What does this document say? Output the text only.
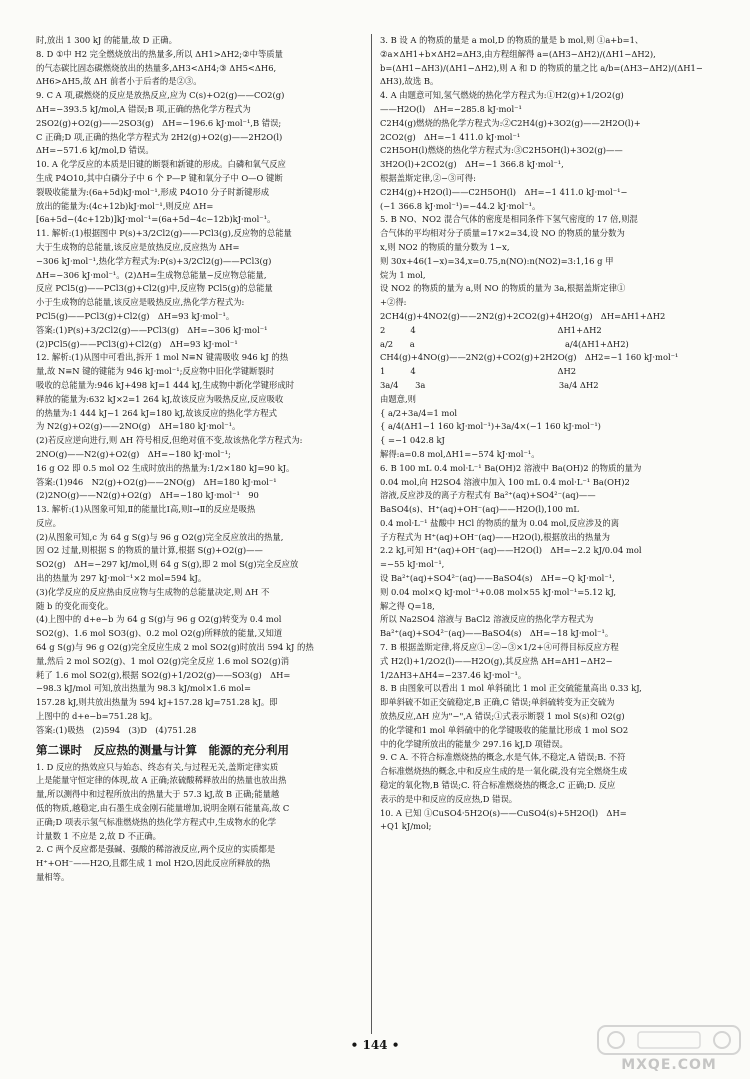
时,放出 1 300 kJ 的能量,故 D 正确。
8. D ①中 H2 完全燃烧放出的热量多,所以 ΔH1>ΔH2;②中等质量
的气态碳比固态碳燃烧放出的热量多,ΔH3<ΔH4;③ ΔH5<ΔH6,
ΔH6>ΔH5,故 ΔH 前者小于后者的是②③。
9. C A 项,碳燃烧的反应是放热反应,应为 C(s)+O2(g)——CO2(g)
ΔH=−393.5 kJ/mol,A 错误;B 项,正确的热化学方程式为
2SO2(g)+O2(g)——2SO3(g)　ΔH=−196.6 kJ·mol⁻¹,B 错误;
C 正确;D 项,正确的热化学方程式为 2H2(g)+O2(g)——2H2O(l)
ΔH=−571.6 kJ/mol,D 错误。
10. A 化学反应的本质是旧键的断裂和新键的形成。白磷和氧气反应
生成 P4O10,其中白磷分子中 6 个 P—P 键和氧分子中 O—O 键断
裂吸收能量为:(6a+5d)kJ·mol⁻¹,形成 P4O10 分子时新键形成
放出的能量为:(4c+12b)kJ·mol⁻¹,则反应 ΔH=
[6a+5d−(4c+12b)]kJ·mol⁻¹=(6a+5d−4c−12b)kJ·mol⁻¹。
11. 解析:(1)根据图中 P(s)+3/2Cl2(g)——PCl3(g),反应物的总能量
大于生成物的总能量,该反应是放热反应,反应热为 ΔH=
−306 kJ·mol⁻¹,热化学方程式为:P(s)+3/2Cl2(g)——PCl3(g)
ΔH=−306 kJ·mol⁻¹。(2)ΔH=生成物总能量−反应物总能量,
反应 PCl5(g)——PCl3(g)+Cl2(g)中,反应物 PCl5(g)的总能量
小于生成物的总能量,该反应是吸热反应,热化学方程式为:
PCl5(g)——PCl3(g)+Cl2(g)　ΔH=93 kJ·mol⁻¹。
答案:(1)P(s)+3/2Cl2(g)——PCl3(g)　ΔH=−306 kJ·mol⁻¹
(2)PCl5(g)——PCl3(g)+Cl2(g)　ΔH=93 kJ·mol⁻¹
12. 解析:(1)从图中可看出,拆开 1 mol N≡N 键需吸收 946 kJ 的热
量,故 N≡N 键的键能为 946 kJ·mol⁻¹;反应物中旧化学键断裂时
吸收的总能量为:946 kJ+498 kJ=1 444 kJ,生成物中新化学键形成时
释放的能量为:632 kJ×2=1 264 kJ,故该反应为吸热反应,反应吸收
的热量为:1 444 kJ−1 264 kJ=180 kJ,故该反应的热化学方程式
为 N2(g)+O2(g)——2NO(g)　ΔH=180 kJ·mol⁻¹。
(2)若反应逆向进行,则 ΔH 符号相反,但绝对值不变,故该热化学方程式为:
2NO(g)——N2(g)+O2(g)　ΔH=−180 kJ·mol⁻¹;
16 g O2 即 0.5 mol O2 生成时放出的热量为:1/2×180 kJ=90 kJ。
答案:(1)946　N2(g)+O2(g)——2NO(g)　ΔH=180 kJ·mol⁻¹
(2)2NO(g)——N2(g)+O2(g)　ΔH=−180 kJ·mol⁻¹　90
13. 解析:(1)从图象可知,Ⅱ的能量比Ⅰ高,则Ⅰ→Ⅱ的反应是吸热
反应。
(2)从图象可知,c 为 64 g S(g)与 96 g O2(g)完全反应放出的热量,
因 O2 过量,则根据 S 的物质的量计算,根据 S(g)+O2(g)——
SO2(g)　ΔH=−297 kJ/mol,则 64 g S(g),即 2 mol S(g)完全反应放
出的热量为 297 kJ·mol⁻¹×2 mol=594 kJ。
(3)化学反应的反应热由反应物与生成物的总能量决定,则 ΔH 不
随 b 的变化而变化。
(4)上图中的 d+e−b 为 64 g S(g)与 96 g O2(g)转变为 0.4 mol
SO2(g)、1.6 mol SO3(g)、0.2 mol O2(g)所释放的能量,又知道
64 g S(g)与 96 g O2(g)完全反应生成 2 mol SO2(g)时放出 594 kJ 的热
量,然后 2 mol SO2(g)、1 mol O2(g)完全反应 1.6 mol SO2(g)消
耗了 1.6 mol SO2(g),根据 SO2(g)+1/2O2(g)——SO3(g)　ΔH=
−98.3 kJ/mol 可知,放出热量为 98.3 kJ/mol×1.6 mol=
157.28 kJ,则共放出热量为 594 kJ+157.28 kJ=751.28 kJ。即
上图中的 d+e−b=751.28 kJ。
答案:(1)吸热　(2)594　(3)D　(4)751.28
第二课时　反应热的测量与计算　能源的充分利用
1. D 反应的热效应只与始态、终态有关,与过程无关,盖斯定律实质
上是能量守恒定律的体现,故 A 正确;浓硫酸稀释放出的热量也放出热
量,所以测得中和过程所放出的热量大于 57.3 kJ,故 B 正确;能量越
低的物质,越稳定,由石墨生成金刚石能量增加,说明金刚石能量高,故 C
正确;D 项表示氢气标准燃烧热的热化学方程式中,生成物水的化学
计量数 1 不应是 2,故 D 不正确。
2. C 两个反应都是强碱、强酸的稀溶液反应,两个反应的实质都是
H⁺+OH⁻——H2O,且都生成 1 mol H2O,因此反应所释放的热
量相等。
3. B 设 A 的物质的量是 a mol,D 的物质的量是 b mol,则 ①a+b=1、
②a×ΔH1+b×ΔH2=ΔH3,由方程组解得 a=(ΔH3−ΔH2)/(ΔH1−ΔH2),
b=(ΔH1−ΔH3)/(ΔH1−ΔH2),则 A 和 D 的物质的量之比 a/b=(ΔH3−ΔH2)/(ΔH1−
ΔH3),故选 B。
4. A 由题意可知,氢气燃烧的热化学方程式为:①H2(g)+1/2O2(g)
——H2O(l)　ΔH=−285.8 kJ·mol⁻¹
C2H4(g)燃烧的热化学方程式为:②C2H4(g)+3O2(g)——2H2O(l)+
2CO2(g)　ΔH=−1 411.0 kJ·mol⁻¹
C2H5OH(l)燃烧的热化学方程式为:③C2H5OH(l)+3O2(g)——
3H2O(l)+2CO2(g)　ΔH=−1 366.8 kJ·mol⁻¹,
根据盖斯定律,②−③可得:
C2H4(g)+H2O(l)——C2H5OH(l)　ΔH=−1 411.0 kJ·mol⁻¹−
(−1 366.8 kJ·mol⁻¹)=−44.2 kJ·mol⁻¹。
5. B NO、NO2 混合气体的密度是相同条件下氢气密度的 17 倍,则混
合气体的平均相对分子质量=17×2=34,设 NO 的物质的量分数为
x,则 NO2 的物质的量分数为 1−x,
则 30x+46(1−x)=34,x=0.75,n(NO):n(NO2)=3:1,16 g 甲
烷为 1 mol,
设 NO2 的物质的量为 a,则 NO 的物质的量为 3a,根据盖斯定律①
+②得:
2CH4(g)+4NO2(g)——2N2(g)+2CO2(g)+4H2O(g)　ΔH=ΔH1+ΔH2
2　　　4　　　　　　　　　　　　　　　　　ΔH1+ΔH2
a/2　　a　　　　　　　　　　　　　　　　　　a/4(ΔH1+ΔH2)
CH4(g)+4NO(g)——2N2(g)+CO2(g)+2H2O(g)　ΔH2=−1 160 kJ·mol⁻¹
1　　　4　　　　　　　　　　　　　　　　　ΔH2
3a/4　　3a　　　　　　　　　　　　　　　　3a/4 ΔH2
由题意,则
{ a/2+3a/4=1 mol
{ a/4(ΔH1−1 160 kJ·mol⁻¹)+3a/4×(−1 160 kJ·mol⁻¹)
{ =−1 042.8 kJ
解得:a=0.8 mol,ΔH1=−574 kJ·mol⁻¹。
6. B 100 mL 0.4 mol·L⁻¹ Ba(OH)2 溶液中 Ba(OH)2 的物质的量为
0.04 mol,向 H2SO4 溶液中加入 100 mL 0.4 mol·L⁻¹ Ba(OH)2
溶液,反应涉及的离子方程式有 Ba²⁺(aq)+SO4²⁻(aq)——
BaSO4(s)、H⁺(aq)+OH⁻(aq)——H2O(l),100 mL
0.4 mol·L⁻¹ 盐酸中 HCl 的物质的量为 0.04 mol,反应涉及的离
子方程式为 H⁺(aq)+OH⁻(aq)——H2O(l),根据放出的热量为
2.2 kJ,可知 H⁺(aq)+OH⁻(aq)——H2O(l)　ΔH=−2.2 kJ/0.04 mol
=−55 kJ·mol⁻¹,
设 Ba²⁺(aq)+SO4²⁻(aq)——BaSO4(s)　ΔH=−Q kJ·mol⁻¹,
则 0.04 mol×Q kJ·mol⁻¹+0.08 mol×55 kJ·mol⁻¹=5.12 kJ,
解之得 Q=18,
所以 Na2SO4 溶液与 BaCl2 溶液反应的热化学方程式为
Ba²⁺(aq)+SO4²⁻(aq)——BaSO4(s)　ΔH=−18 kJ·mol⁻¹。
7. B 根据盖斯定律,将反应①−②−③×1/2+④可得目标反应方程
式 H2(l)+1/2O2(l)——H2O(g),其反应热 ΔH=ΔH1−ΔH2−
1/2ΔH3+ΔH4=−237.46 kJ·mol⁻¹。
8. B 由图象可以看出 1 mol 单斜硫比 1 mol 正交硫能量高出 0.33 kJ,
即单斜硫不如正交硫稳定,B 正确,C 错误;单斜硫转变为正交硫为
放热反应,ΔH 应为"−",A 错误;①式表示断裂 1 mol S(s)和 O2(g)
的化学键和1 mol 单斜硫中的化学键吸收的能量比形成 1 mol SO2
中的化学键所放出的能量少 297.16 kJ,D 项错误。
9. C A. 不符合标准燃烧热的概念,水是气体,不稳定,A 错误;B. 不符
合标准燃烧热的概念,中和反应生成的是一氧化碳,没有完全燃烧生成
稳定的氧化物,B 错误;C. 符合标准燃烧热的概念,C 正确;D. 反应
表示的是中和反应的反应热,D 错误。
10. A 已知 ①CuSO4·5H2O(s)——CuSO4(s)+5H2O(l)　ΔH=
+Q1 kJ/mol;
• 144 •
MXQE.COM
